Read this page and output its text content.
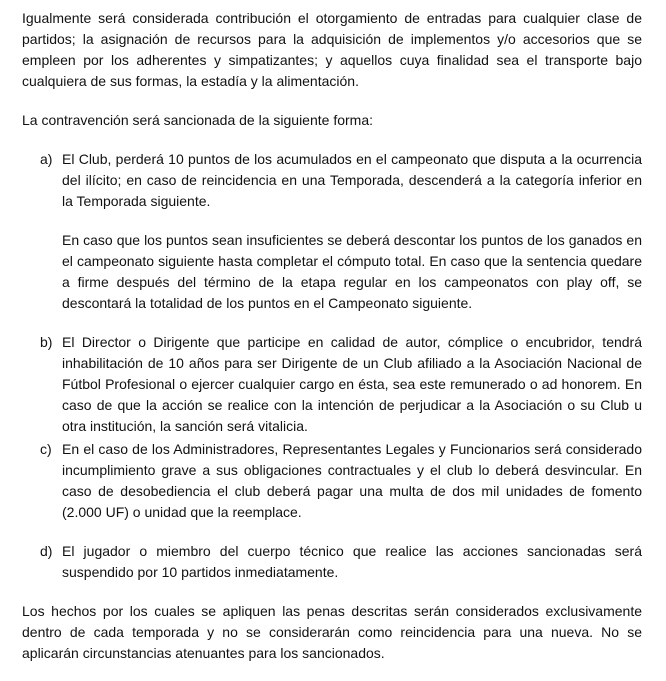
Igualmente será considerada contribución el otorgamiento de entradas para cualquier clase de partidos; la asignación de recursos para la adquisición de implementos y/o accesorios que se empleen por los adherentes y simpatizantes; y aquellos cuya finalidad sea el transporte bajo cualquiera de sus formas, la estadía y la alimentación.

La contravención será sancionada de la siguiente forma:

a) El Club, perderá 10 puntos de los acumulados en el campeonato que disputa a la ocurrencia del ilícito; en caso de reincidencia en una Temporada, descenderá a la categoría inferior en la Temporada siguiente.

En caso que los puntos sean insuficientes se deberá descontar los puntos de los ganados en el campeonato siguiente hasta completar el cómputo total. En caso que la sentencia quedare a firme después del término de la etapa regular en los campeonatos con play off, se descontará la totalidad de los puntos en el Campeonato siguiente.

b) El Director o Dirigente que participe en calidad de autor, cómplice o encubridor, tendrá inhabilitación de 10 años para ser Dirigente de un Club afiliado a la Asociación Nacional de Fútbol Profesional o ejercer cualquier cargo en ésta, sea este remunerado o ad honorem. En caso de que la acción se realice con la intención de perjudicar a la Asociación o su Club u otra institución, la sanción será vitalicia.

c) En el caso de los Administradores, Representantes Legales y Funcionarios será considerado incumplimiento grave a sus obligaciones contractuales y el club lo deberá desvincular. En caso de desobediencia el club deberá pagar una multa de dos mil unidades de fomento (2.000 UF) o unidad que la reemplace.

d) El jugador o miembro del cuerpo técnico que realice las acciones sancionadas será suspendido por 10 partidos inmediatamente.

Los hechos por los cuales se apliquen las penas descritas serán considerados exclusivamente dentro de cada temporada y no se considerarán como reincidencia para una nueva. No se aplicarán circunstancias atenuantes para los sancionados.
